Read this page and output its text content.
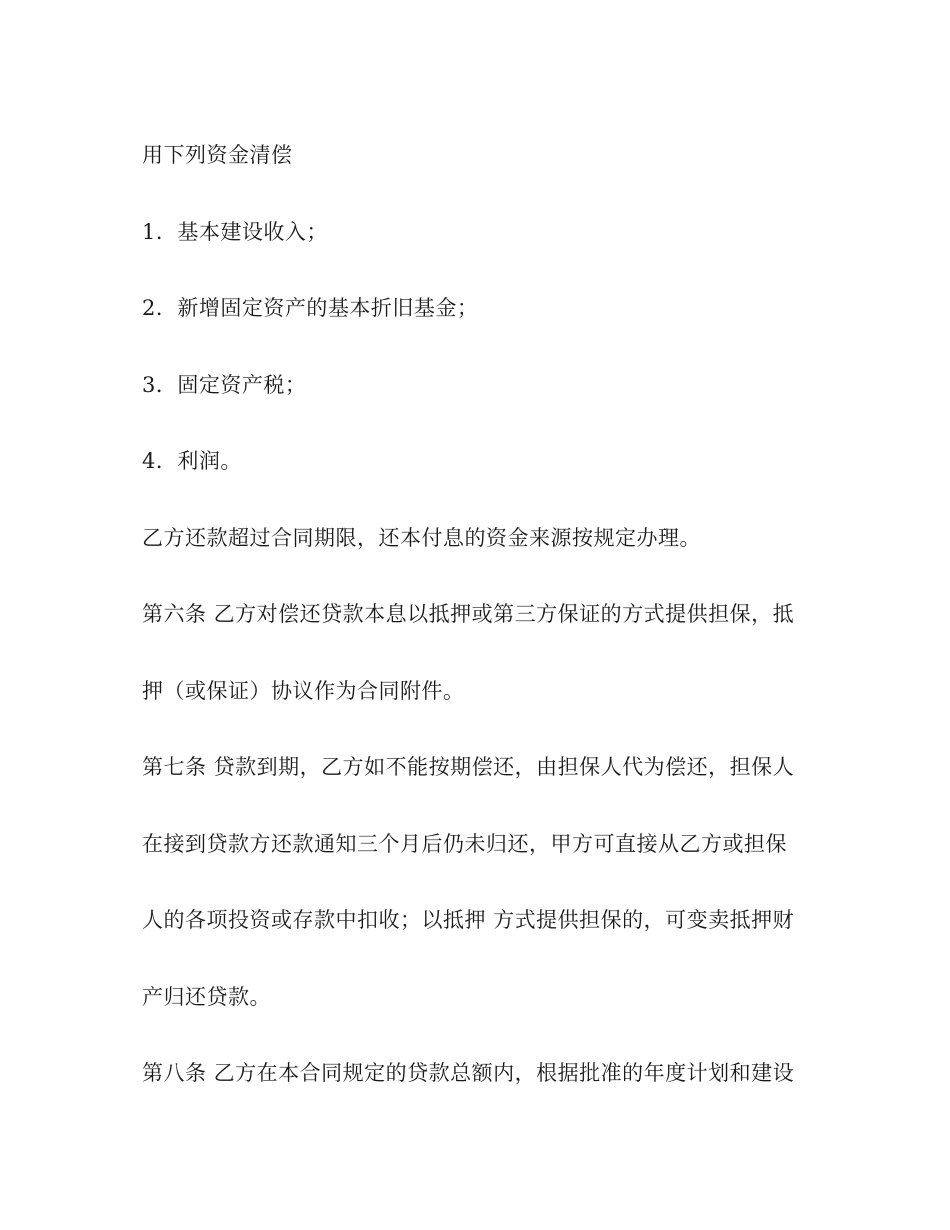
用下列资金清偿
1．基本建设收入；
2．新增固定资产的基本折旧基金；
3．固定资产税；
4．利润。
乙方还款超过合同期限，还本付息的资金来源按规定办理。
第六条 乙方对偿还贷款本息以抵押或第三方保证的方式提供担保，抵
押（或保证）协议作为合同附件。
第七条 贷款到期，乙方如不能按期偿还，由担保人代为偿还，担保人
在接到贷款方还款通知三个月后仍未归还，甲方可直接从乙方或担保
人的各项投资或存款中扣收；以抵押 方式提供担保的，可变卖抵押财
产归还贷款。
第八条 乙方在本合同规定的贷款总额内，根据批准的年度计划和建设
